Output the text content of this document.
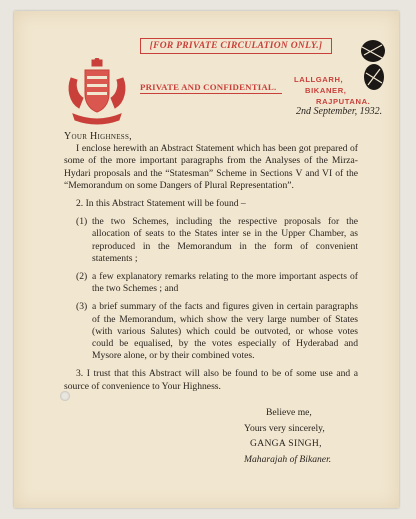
[FOR PRIVATE CIRCULATION ONLY.]
PRIVATE AND CONFIDENTIAL.
LALLGARH,
BIKANER,
RAJPUTANA.
2nd September, 1932.
Your Highness,

I enclose herewith an Abstract Statement which has been got prepared of some of the more important paragraphs from the Analyses of the Mirza-Hydari proposals and the “Statesman” Scheme in Sections V and VI of the “Memorandum on some Dangers of Plural Representation”.

2. In this Abstract Statement will be found –

(1) the two Schemes, including the respective proposals for the allocation of seats to the States inter se in the Upper Chamber, as reproduced in the Memorandum in the form of convenient statements ;
(2) a few explanatory remarks relating to the more important aspects of the two Schemes ; and
(3) a brief summary of the facts and figures given in certain paragraphs of the Memorandum, which show the very large number of States (with various Salutes) which could be outvoted, or whose votes could be equalised, by the votes especially of Hyderabad and Mysore alone, or by their combined votes.

3. I trust that this Abstract will also be found to be of some use and a source of convenience to Your Highness.

Believe me,
Yours very sincerely,
GANGA SINGH,
Maharajah of Bikaner.
